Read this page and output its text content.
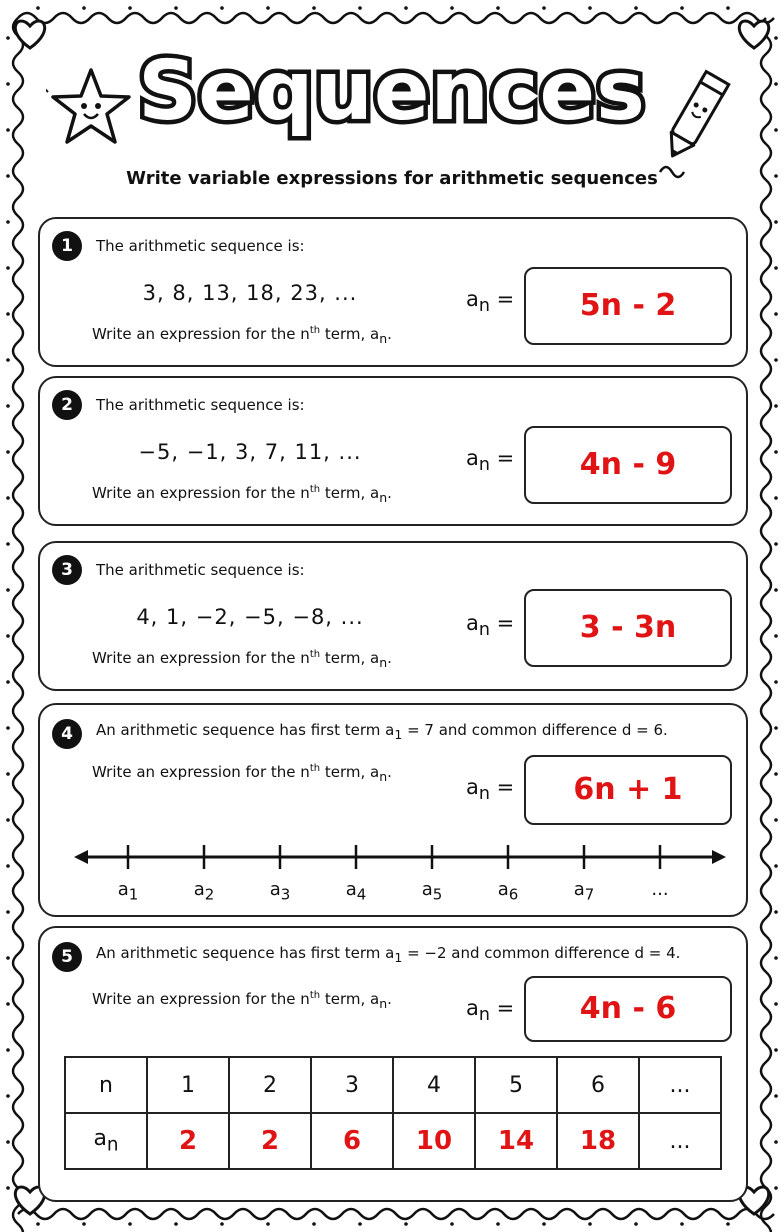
Sequences
Write variable expressions for arithmetic sequences
1	The arithmetic sequence is:
3, 8, 13, 18, 23, ...
Write an expression for the $n^{th}$ term, $a_n$.
$a_n$ =	5n - 2
2	The arithmetic sequence is:
−5, −1, 3, 7, 11, ...
Write an expression for the $n^{th}$ term, $a_n$.
$a_n$ =	4n - 9
3	The arithmetic sequence is:
4, 1, −2, −5, −8, ...
Write an expression for the $n^{th}$ term, $a_n$.
$a_n$ =	3 - 3n
4	An arithmetic sequence has first term $a_1 = 7$ and common difference d = 6.
Write an expression for the $n^{th}$ term, $a_n$.
$a_n$ =	6n + 1
$a_1$	$a_2$	$a_3$	$a_4$	$a_5$	$a_6$	$a_7$	...
5	An arithmetic sequence has first term $a_1 = -2$ and common difference d = 4.
Write an expression for the $n^{th}$ term, $a_n$.	$a_n$ =	4n - 6
n	1	2	3	4	5	6	...
$a_n$	2	2	6	10	14	18	...
